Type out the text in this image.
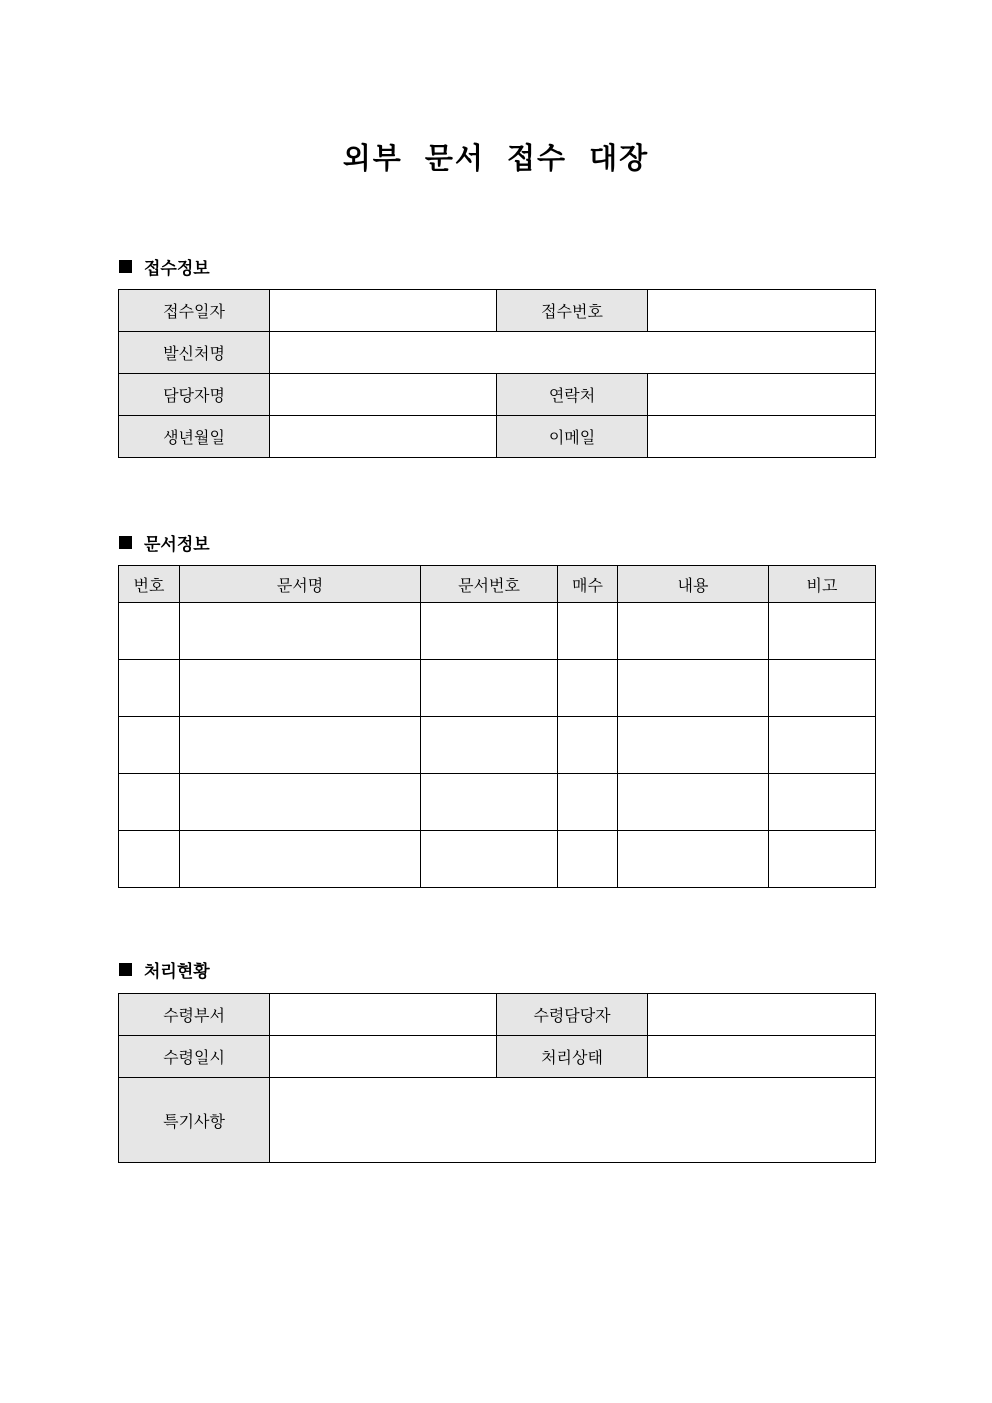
외부 문서 접수 대장
접수정보
접수일자		접수번호	
발신처명			
담당자명		연락처	
생년월일		이메일	
문서정보
번호	문서명	문서번호	매수	내용	비고

처리현황
수령부서		수령담당자	
수령일시		처리상태	
특기사항			
